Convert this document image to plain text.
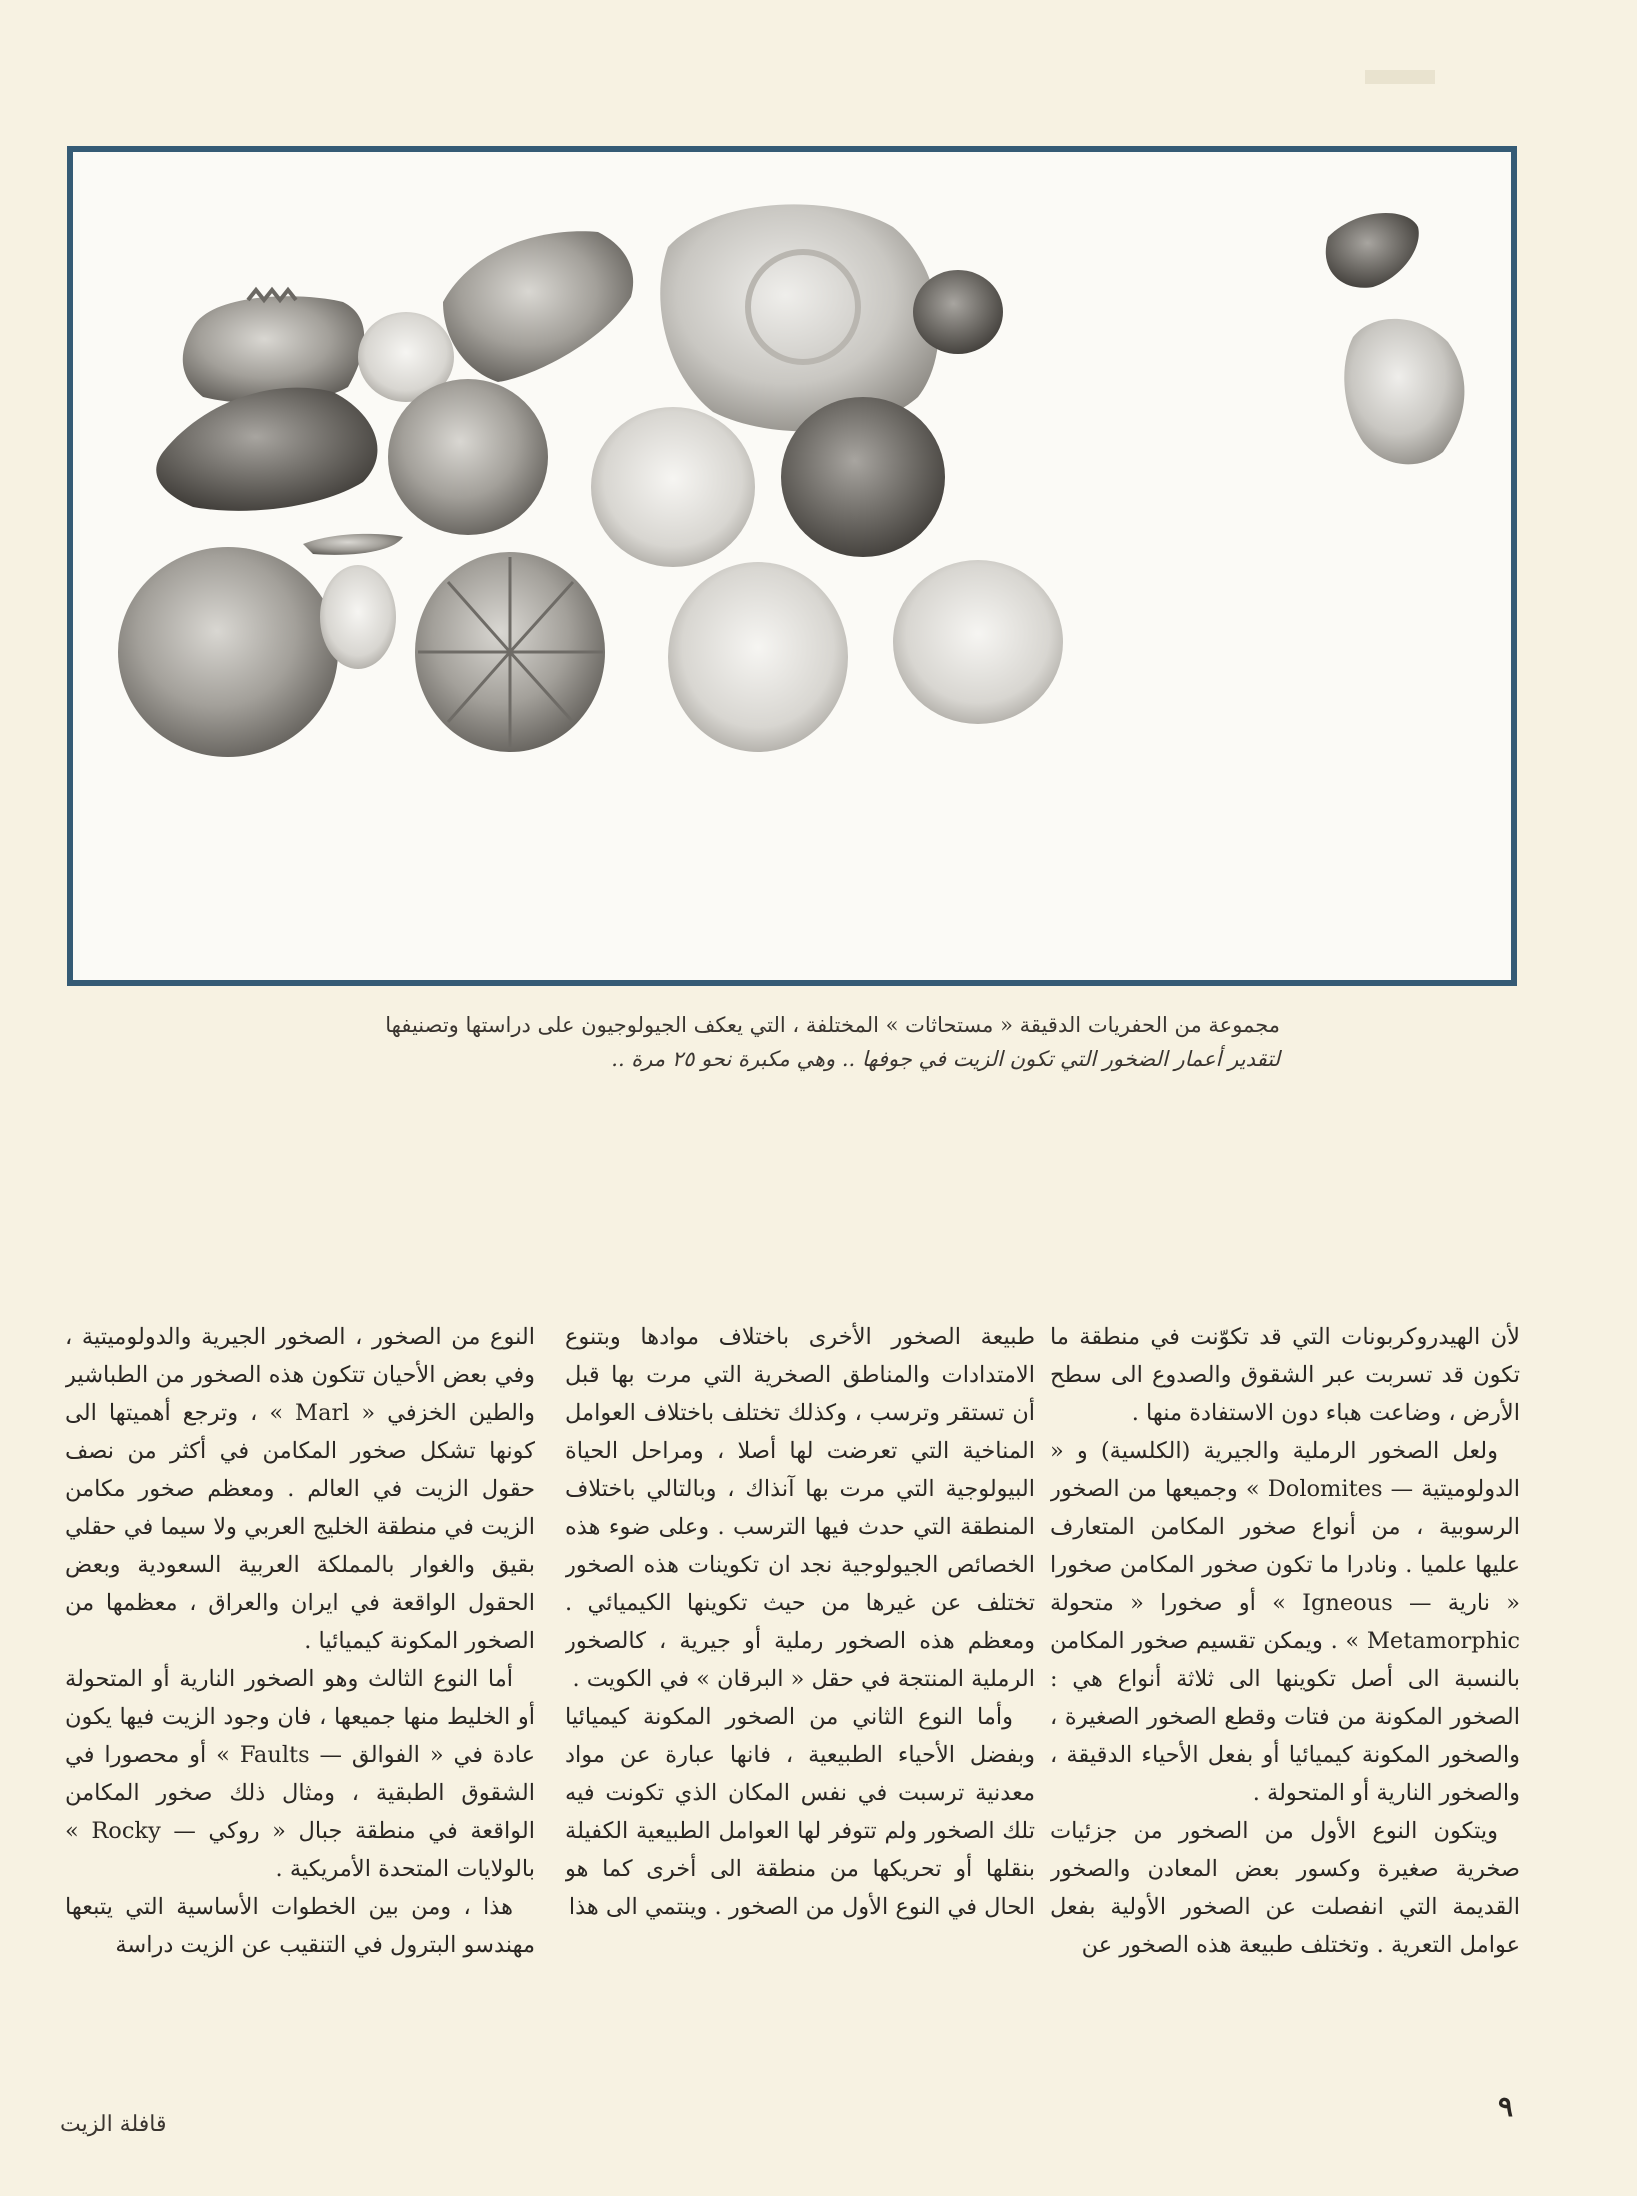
مجموعة من الحفريات الدقيقة « مستحاثات » المختلفة ، التي يعكف الجيولوجيون على دراستها وتصنيفها

لتقدير أعمار الضخور التي تكون الزيت في جوفها .. وهي مكبرة نحو ٢٥ مرة ..

لأن الهيدروكربونات التي قد تكوّنت في منطقة ما تكون قد تسربت عبر الشقوق والصدوع الى سطح الأرض ، وضاعت هباء دون الاستفادة منها .

ولعل الصخور الرملية والجيرية (الكلسية) و « الدولوميتية — Dolomites » وجميعها من الصخور الرسوبية ، من أنواع صخور المكامن المتعارف عليها علميا . ونادرا ما تكون صخور المكامن صخورا « نارية — Igneous » أو صخورا « متحولة Metamorphic » . ويمكن تقسيم صخور المكامن بالنسبة الى أصل تكوينها الى ثلاثة أنواع هي : الصخور المكونة من فتات وقطع الصخور الصغيرة ، والصخور المكونة كيميائيا أو بفعل الأحياء الدقيقة ، والصخور النارية أو المتحولة .

ويتكون النوع الأول من الصخور من جزئيات صخرية صغيرة وكسور بعض المعادن والصخور القديمة التي انفصلت عن الصخور الأولية بفعل عوامل التعرية . وتختلف طبيعة هذه الصخور عن

طبيعة الصخور الأخرى باختلاف موادها وبتنوع الامتدادات والمناطق الصخرية التي مرت بها قبل أن تستقر وترسب ، وكذلك تختلف باختلاف العوامل المناخية التي تعرضت لها أصلا ، ومراحل الحياة البيولوجية التي مرت بها آنذاك ، وبالتالي باختلاف المنطقة التي حدث فيها الترسب . وعلى ضوء هذه الخصائص الجيولوجية نجد ان تكوينات هذه الصخور تختلف عن غيرها من حيث تكوينها الكيميائي . ومعظم هذه الصخور رملية أو جيرية ، كالصخور الرملية المنتجة في حقل « البرقان » في الكويت .

وأما النوع الثاني من الصخور المكونة كيميائيا وبفضل الأحياء الطبيعية ، فانها عبارة عن مواد معدنية ترسبت في نفس المكان الذي تكونت فيه تلك الصخور ولم تتوفر لها العوامل الطبيعية الكفيلة بنقلها أو تحريكها من منطقة الى أخرى كما هو الحال في النوع الأول من الصخور . وينتمي الى هذا

النوع من الصخور ، الصخور الجيرية والدولوميتية ، وفي بعض الأحيان تتكون هذه الصخور من الطباشير والطين الخزفي « Marl » ، وترجع أهميتها الى كونها تشكل صخور المكامن في أكثر من نصف حقول الزيت في العالم . ومعظم صخور مكامن الزيت في منطقة الخليج العربي ولا سيما في حقلي بقيق والغوار بالمملكة العربية السعودية وبعض الحقول الواقعة في ايران والعراق ، معظمها من الصخور المكونة كيميائيا .

أما النوع الثالث وهو الصخور النارية أو المتحولة أو الخليط منها جميعها ، فان وجود الزيت فيها يكون عادة في « الفوالق — Faults » أو محصورا في الشقوق الطبقية ، ومثال ذلك صخور المكامن الواقعة في منطقة جبال « روكي — Rocky » بالولايات المتحدة الأمريكية .

هذا ، ومن بين الخطوات الأساسية التي يتبعها مهندسو البترول في التنقيب عن الزيت دراسة

٩
قافلة الزيت
